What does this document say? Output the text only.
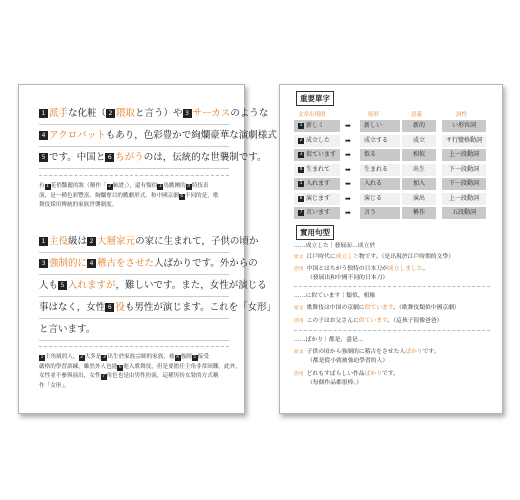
1 派手な化粧（ 2 隈取と言う）や 3 サーカスのような
4 アクロバットもあり，色彩豊かで絢爛豪華な演劇様式
5 です。中国と 6 ちがうのは，伝統的な世襲制です。
有 1 花俏豔麗的妝（稱作「 2 臉譜」），還有類似 3 馬戲團的 4 特技表
演，是一種色彩豐富、絢爛奪目的戲劇形式。和中國京劇 6 不同的是，歌
舞伎採用傳統的家族世襲制度。
1 主役級は 2 大層家元の家に生まれて，子供の頃か
3 強制的に 4 稽古をさせた人ばかりです。外からの
人も 5 入れますが，難しいです。また，女性が演じる
事はなく，女性 6 役も男性が演じます。これを「女形」
と言います。
1 主角級的人， 2 大多是 3 出生於家族宗師的家族，被 4 強制 5 接受
嚴格的學習訓練，雖然外人也能 6 進入歌舞伎，但是要擔任主角非常困難。此外，
女性並不參與演出，女性 7 角色也是由男性扮演，這種男扮女裝的方式稱
作「女形」。
重要單字
文章出現的	原形	意義	詞性
1 新しく	➡	新しい	新的	い形容詞
2 成立した	➡	成立する	成立	サ行變格動詞
3 似ています	➡	似る	相似	上一段動詞
4 生まれて	➡	生まれる	出生	下一段動詞
5 入れます	➡	入れる	加入	下一段動詞
6 演じます	➡	演じる	演出	上一段動詞
7 言います	➡	言う	稱作	五段動詞
實用句型
……成立した｜發展而…成立於
原文 江戸時代に成立した物です。（是出現於江戶時期的文學）
活用 中国とはちがう独特の日本刀が成立しました。
（發展出和中國不同的日本刀）
……に似ています｜類似、相像
原文 歌舞伎は中国の京劇に似ています。（歌舞伎類似中國京劇）
活用 この子はお父さんに似ています。（這孩子很像爸爸）
……ばかり｜都是、盡是…
原文 子供の頃から強制的に稽古をさせた人ばかりです。
（都是從小就被強迫學習的人）
活用 どれもすばらしい作品ばかりです。
（每個作品都很棒。）
